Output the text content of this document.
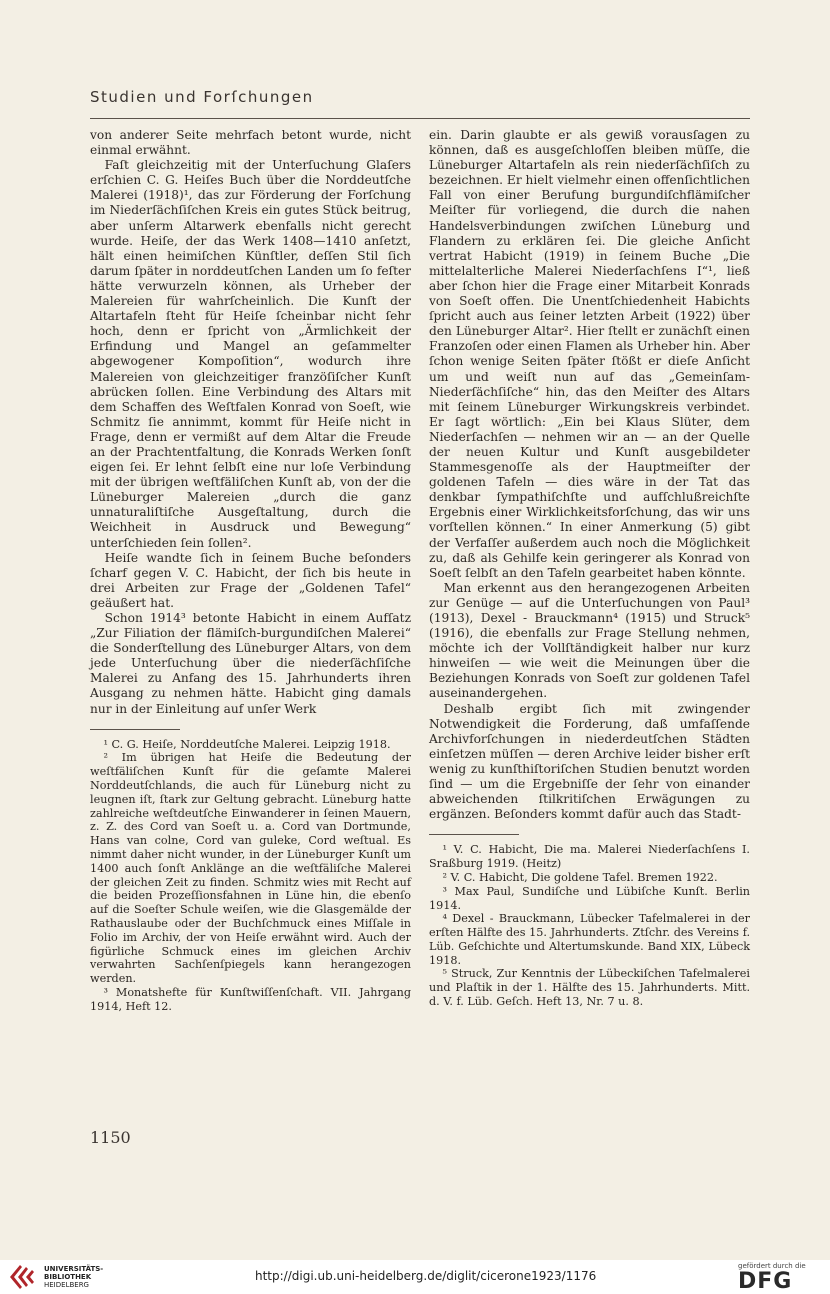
Studien und Forſchungen

von anderer Seite mehrfach betont wurde, nicht einmal erwähnt.

Faſt gleichzeitig mit der Unterſuchung Glaſers erſchien C. G. Heiſes Buch über die Norddeutſche Malerei (1918)¹, das zur Förderung der Forſchung im Niederſächſiſchen Kreis ein gutes Stück beitrug, aber unſerm Altarwerk ebenfalls nicht gerecht wurde. Heiſe, der das Werk 1408—1410 anſetzt, hält einen heimiſchen Künſtler, deſſen Stil ſich darum ſpäter in norddeutſchen Landen um ſo feſter hätte verwurzeln können, als Urheber der Malereien für wahrſcheinlich. Die Kunſt der Altartafeln ſteht für Heiſe ſcheinbar nicht ſehr hoch, denn er ſpricht von „Ärmlichkeit der Erfindung und Mangel an geſammelter abgewogener Kompoſition“, wodurch ihre Malereien von gleichzeitiger franzöſiſcher Kunſt abrücken ſollen. Eine Verbindung des Altars mit dem Schaffen des Weſtfalen Konrad von Soeſt, wie Schmitz ſie annimmt, kommt für Heiſe nicht in Frage, denn er vermißt auf dem Altar die Freude an der Prachtentfaltung, die Konrads Werken ſonſt eigen ſei. Er lehnt ſelbſt eine nur loſe Verbindung mit der übrigen weſtfäliſchen Kunſt ab, von der die Lüneburger Malereien „durch die ganz unnaturaliſtiſche Ausgeſtaltung, durch die Weichheit in Ausdruck und Bewegung“ unterſchieden ſein ſollen².

Heiſe wandte ſich in ſeinem Buche beſonders ſcharf gegen V. C. Habicht, der ſich bis heute in drei Arbeiten zur Frage der „Goldenen Tafel“ geäußert hat.

Schon 1914³ betonte Habicht in einem Aufſatz „Zur Filiation der flämiſch-burgundiſchen Malerei“ die Sonderſtellung des Lüneburger Altars, von dem jede Unterſuchung über die niederſächſiſche Malerei zu Anfang des 15. Jahrhunderts ihren Ausgang zu nehmen hätte. Habicht ging damals nur in der Einleitung auf unſer Werk

¹ C. G. Heiſe, Norddeutſche Malerei. Leipzig 1918.

² Im übrigen hat Heiſe die Bedeutung der weſtfäliſchen Kunſt für die geſamte Malerei Norddeutſchlands, die auch für Lüneburg nicht zu leugnen iſt, ſtark zur Geltung gebracht. Lüneburg hatte zahlreiche weſtdeutſche Einwanderer in ſeinen Mauern, z. Z. des Cord van Soeſt u. a. Cord van Dortmunde, Hans van colne, Cord van guleke, Cord weſtual. Es nimmt daher nicht wunder, in der Lüneburger Kunſt um 1400 auch ſonſt Anklänge an die weſtfäliſche Malerei der gleichen Zeit zu finden. Schmitz wies mit Recht auf die beiden Prozeſſionsfahnen in Lüne hin, die ebenſo auf die Soeſter Schule weiſen, wie die Glasgemälde der Rathauslaube oder der Buchſchmuck eines Miſſale in Folio im Archiv, der von Heiſe erwähnt wird. Auch der figürliche Schmuck eines im gleichen Archiv verwahrten Sachſenſpiegels kann herangezogen werden.

³ Monatshefte für Kunſtwiſſenſchaft. VII. Jahrgang 1914, Heft 12.

ein. Darin glaubte er als gewiß vorausſagen zu können, daß es ausgeſchloſſen bleiben müſſe, die Lüneburger Altartafeln als rein niederſächſiſch zu bezeichnen. Er hielt vielmehr einen offenſichtlichen Fall von einer Berufung burgundiſchflämiſcher Meiſter für vorliegend, die durch die nahen Handelsverbindungen zwiſchen Lüneburg und Flandern zu erklären ſei. Die gleiche Anſicht vertrat Habicht (1919) in ſeinem Buche „Die mittelalterliche Malerei Niederſachſens I“¹, ließ aber ſchon hier die Frage einer Mitarbeit Konrads von Soeſt offen. Die Unentſchiedenheit Habichts ſpricht auch aus ſeiner letzten Arbeit (1922) über den Lüneburger Altar². Hier ſtellt er zunächſt einen Franzoſen oder einen Flamen als Urheber hin. Aber ſchon wenige Seiten ſpäter ſtößt er dieſe Anſicht um und weiſt nun auf das „Gemeinſam-Niederſächſiſche“ hin, das den Meiſter des Altars mit ſeinem Lüneburger Wirkungskreis verbindet. Er ſagt wörtlich: „Ein bei Klaus Slüter, dem Niederſachſen — nehmen wir an — an der Quelle der neuen Kultur und Kunſt ausgebildeter Stammesgenoſſe als der Hauptmeiſter der goldenen Tafeln — dies wäre in der Tat das denkbar ſympathiſchſte und aufſchlußreichſte Ergebnis einer Wirklichkeitsforſchung, das wir uns vorſtellen können.“ In einer Anmerkung (5) gibt der Verfaſſer außerdem auch noch die Möglichkeit zu, daß als Gehilfe kein geringerer als Konrad von Soeſt ſelbſt an den Tafeln gearbeitet haben könnte.

Man erkennt aus den herangezogenen Arbeiten zur Genüge — auf die Unterſuchungen von Paul³ (1913), Dexel - Brauckmann⁴ (1915) und Struck⁵ (1916), die ebenfalls zur Frage Stellung nehmen, möchte ich der Vollſtändigkeit halber nur kurz hinweiſen — wie weit die Meinungen über die Beziehungen Konrads von Soeſt zur goldenen Tafel auseinandergehen.

Deshalb ergibt ſich mit zwingender Notwendigkeit die Forderung, daß umfaſſende Archivforſchungen in niederdeutſchen Städten einſetzen müſſen — deren Archive leider bisher erſt wenig zu kunſthiſtoriſchen Studien benutzt worden ſind — um die Ergebniſſe der ſehr von einander abweichenden ſtilkritiſchen Erwägungen zu ergänzen. Beſonders kommt dafür auch das Stadt-

¹ V. C. Habicht, Die ma. Malerei Niederſachſens I. Sraßburg 1919. (Heitz)

² V. C. Habicht, Die goldene Tafel. Bremen 1922.

³ Max Paul, Sundiſche und Lübiſche Kunſt. Berlin 1914.

⁴ Dexel - Brauckmann, Lübecker Tafelmalerei in der erſten Hälfte des 15. Jahrhunderts. Ztſchr. des Vereins f. Lüb. Geſchichte und Altertumskunde. Band XIX, Lübeck 1918.

⁵ Struck, Zur Kenntnis der Lübeckiſchen Tafelmalerei und Plaſtik in der 1. Hälfte des 15. Jahrhunderts. Mitt. d. V. f. Lüb. Geſch. Heft 13, Nr. 7 u. 8.

1150
UNIVERSITÄTS-
BIBLIOTHEK
HEIDELBERG
http://digi.ub.uni-heidelberg.de/diglit/cicerone1923/1176
gefördert durch die
DFG
